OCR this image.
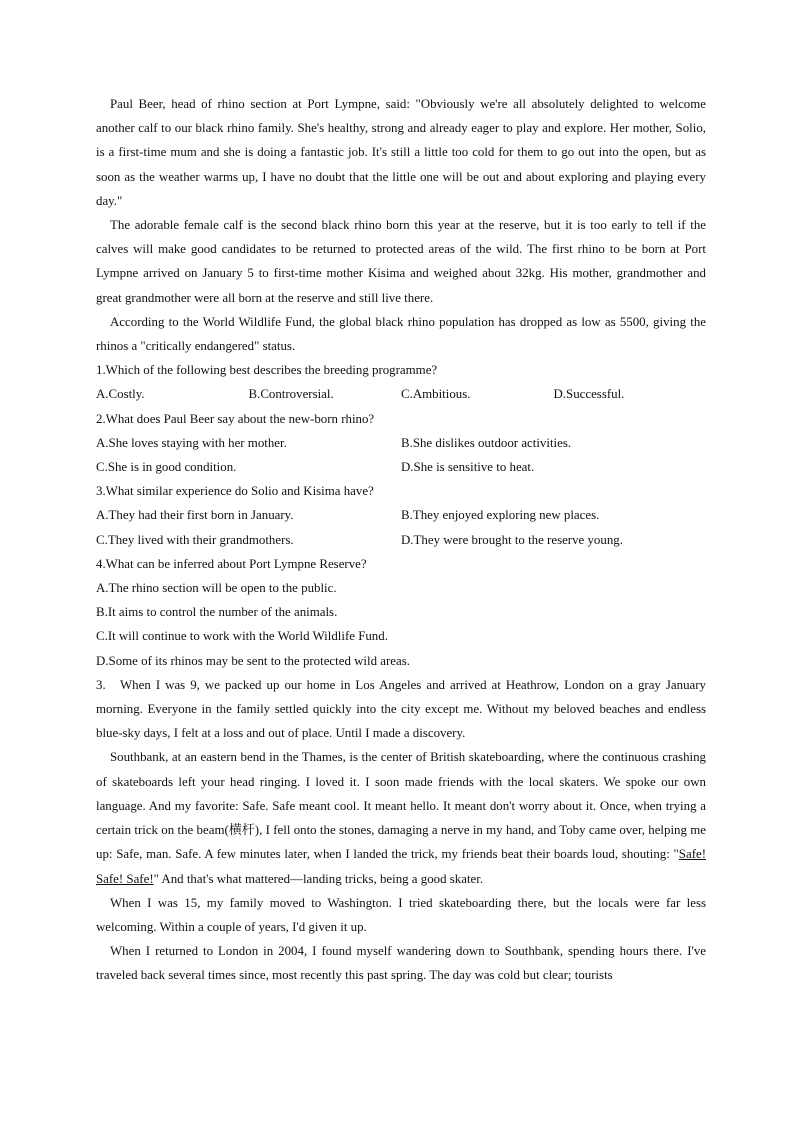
Paul Beer, head of rhino section at Port Lympne, said: "Obviously we're all absolutely delighted to welcome another calf to our black rhino family. She's healthy, strong and already eager to play and explore. Her mother, Solio, is a first-time mum and she is doing a fantastic job. It's still a little too cold for them to go out into the open, but as soon as the weather warms up, I have no doubt that the little one will be out and about exploring and playing every day."

The adorable female calf is the second black rhino born this year at the reserve, but it is too early to tell if the calves will make good candidates to be returned to protected areas of the wild. The first rhino to be born at Port Lympne arrived on January 5 to first-time mother Kisima and weighed about 32kg. His mother, grandmother and great grandmother were all born at the reserve and still live there.

According to the World Wildlife Fund, the global black rhino population has dropped as low as 5500, giving the rhinos a "critically endangered" status.

1.Which of the following best describes the breeding programme?

A.Costly.	B.Controversial.	C.Ambitious.	D.Successful.

2.What does Paul Beer say about the new-born rhino?

A.She loves staying with her mother.	B.She dislikes outdoor activities.
C.She is in good condition.	D.She is sensitive to heat.

3.What similar experience do Solio and Kisima have?

A.They had their first born in January.	B.They enjoyed exploring new places.
C.They lived with their grandmothers.	D.They were brought to the reserve young.

4.What can be inferred about Port Lympne Reserve?

A.The rhino section will be open to the public.

B.It aims to control the number of the animals.

C.It will continue to work with the World Wildlife Fund.

D.Some of its rhinos may be sent to the protected wild areas.

3. When I was 9, we packed up our home in Los Angeles and arrived at Heathrow, London on a gray January morning. Everyone in the family settled quickly into the city except me. Without my beloved beaches and endless blue-sky days, I felt at a loss and out of place. Until I made a discovery.

Southbank, at an eastern bend in the Thames, is the center of British skateboarding, where the continuous crashing of skateboards left your head ringing. I loved it. I soon made friends with the local skaters. We spoke our own language. And my favorite: Safe. Safe meant cool. It meant hello. It meant don't worry about it. Once, when trying a certain trick on the beam(横杆), I fell onto the stones, damaging a nerve in my hand, and Toby came over, helping me up: Safe, man. Safe. A few minutes later, when I landed the trick, my friends beat their boards loud, shouting: "Safe! Safe! Safe!" And that's what mattered—landing tricks, being a good skater.

When I was 15, my family moved to Washington. I tried skateboarding there, but the locals were far less welcoming. Within a couple of years, I'd given it up.

When I returned to London in 2004, I found myself wandering down to Southbank, spending hours there. I've traveled back several times since, most recently this past spring. The day was cold but clear; tourists
